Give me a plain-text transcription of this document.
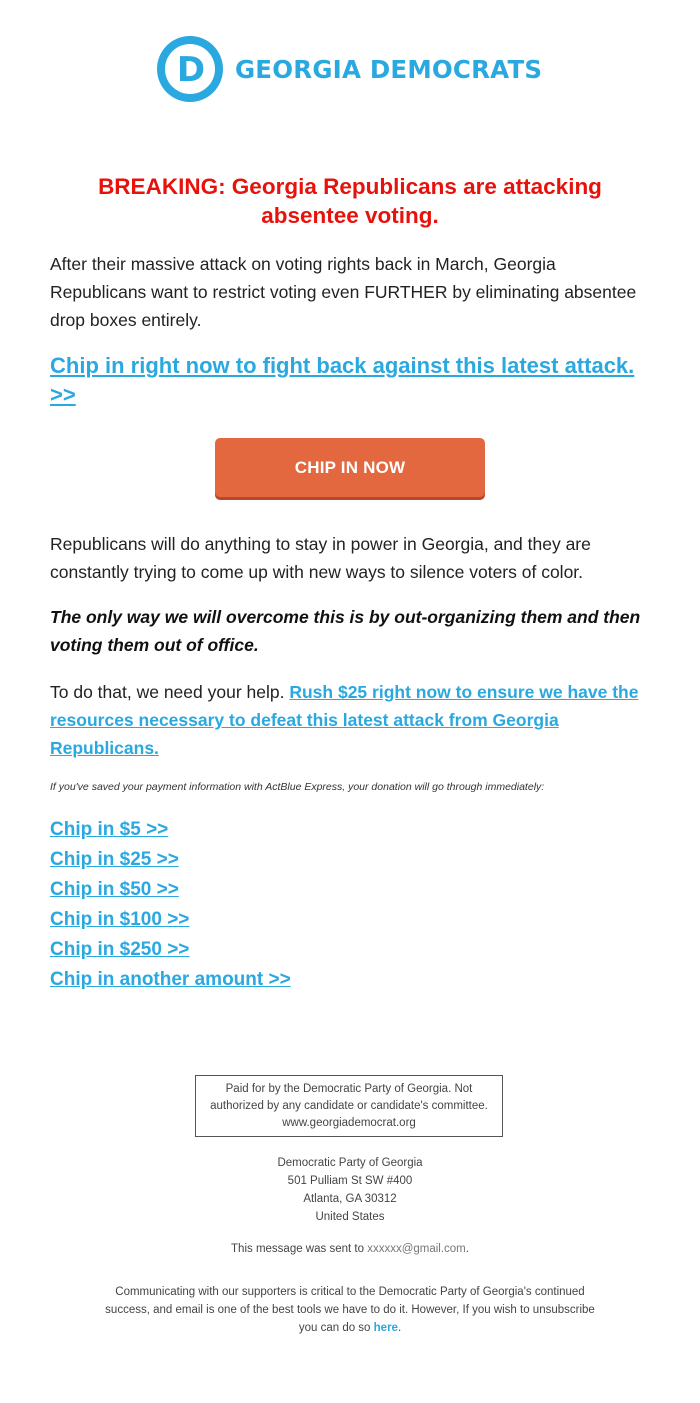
D GEORGIA DEMOCRATS
BREAKING: Georgia Republicans are attacking absentee voting.

After their massive attack on voting rights back in March, Georgia Republicans want to restrict voting even FURTHER by eliminating absentee drop boxes entirely.

Chip in right now to fight back against this latest attack. >>
CHIP IN NOW

Republicans will do anything to stay in power in Georgia, and they are constantly trying to come up with new ways to silence voters of color.

The only way we will overcome this is by out-organizing them and then voting them out of office.

To do that, we need your help. Rush $25 right now to ensure we have the resources necessary to defeat this latest attack from Georgia Republicans.

If you've saved your payment information with ActBlue Express, your donation will go through immediately:

Chip in $5 >>
Chip in $25 >>
Chip in $50 >>
Chip in $100 >>
Chip in $250 >>
Chip in another amount >>
Paid for by the Democratic Party of Georgia. Not
authorized by any candidate or candidate's committee.
www.georgiademocrat.org
Democratic Party of Georgia
501 Pulliam St SW #400
Atlanta, GA 30312
United States
This message was sent to xxxxxx@gmail.com.

Communicating with our supporters is critical to the Democratic Party of Georgia's continued success, and email is one of the best tools we have to do it. However, If you wish to unsubscribe you can do so here.
